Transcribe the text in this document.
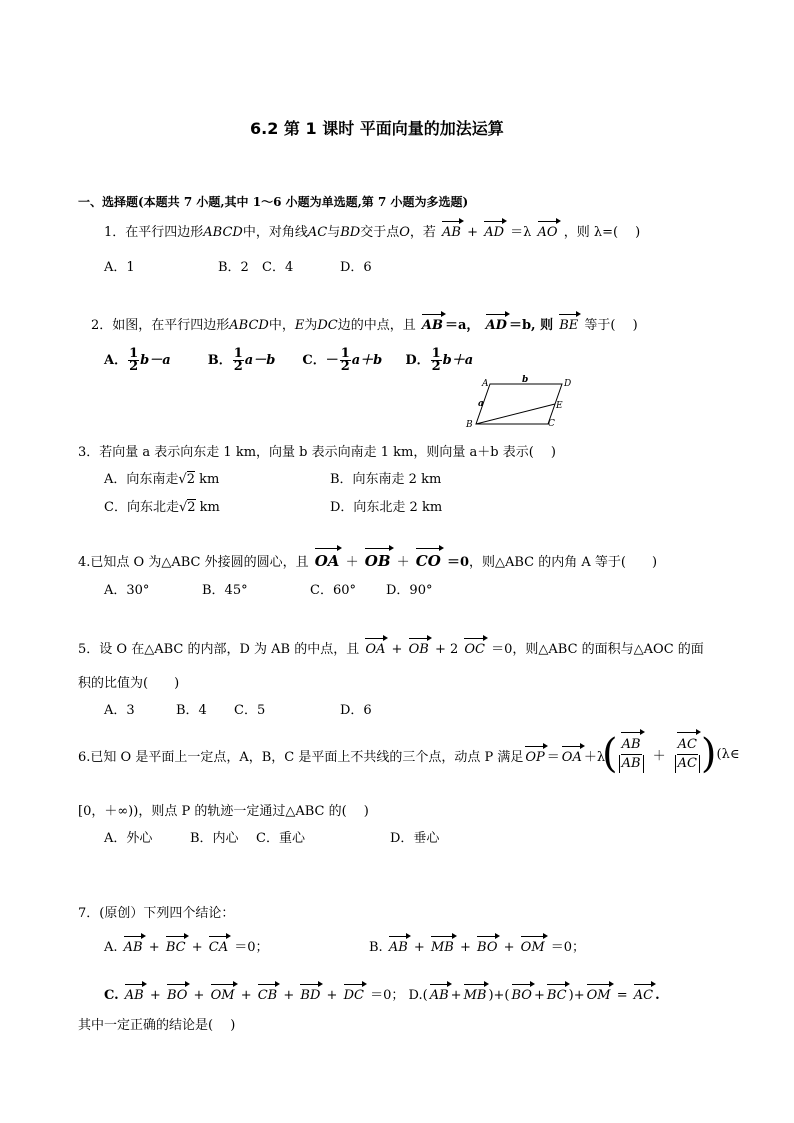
6.2 第 1 课时 平面向量的加法运算
一、选择题(本题共 7 小题,其中 1～6 小题为单选题,第 7 小题为多选题)
1．在平行四边形ABCD中，对角线AC与BD交于点O，若 AB + AD ＝λ AO ，则 λ=(　 )
A．1	B．2 C．4	D．6
2．如图，在平行四边形ABCD中，E为DC边的中点，且 AB ＝a， AD ＝b, 则 BE 等于(　 )
A． $\frac{1}{2} b-a$	B． $\frac{1}{2} a-b$ C．－ $\frac{1}{2} a+b$ D． $\frac{1}{2} b+a$
A	D
B	C
E
b
a
3．若向量 a 表示向东走 1 km，向量 b 表示向南走 1 km，则向量 a＋b 表示(　 )
A．向东南走√2 km	B．向东南走 2 km
C．向东北走√2 km	D．向东北走 2 km
4.已知点 O 为△ABC 外接圆的圆心，且 OA ＋ OB ＋ CO ＝0，则△ABC 的内角 A 等于(　　)
A．30°	B．45°	C．60° D．90°
5．设 O 在△ABC 的内部，D 为 AB 的中点，且 OA + OB + 2 OC ＝0，则△ABC 的面积与△AOC 的面
积的比值为(　　)
A．3	B．4 C．5	D．6
6.已知 O 是平面上一定点，A，B，C 是平面上不共线的三个点，动点 P 满足 OP ＝ OA ＋λ
( $\frac{AB}{AB} + \frac{AC}{AC}$ ) (λ∈
[0，＋∞))，则点 P 的轨迹一定通过△ABC 的(　 )
A．外心	B．内心 C．重心	D．垂心
7．(原创）下列四个结论：
A. AB + BC + CA ＝0；	B. AB + MB + BO + OM ＝0；
C. AB + BO + OM + CB + BD + DC ＝0； D.( AB + MB )+( BO + BC )+ OM = AC .
其中一定正确的结论是(　 )
